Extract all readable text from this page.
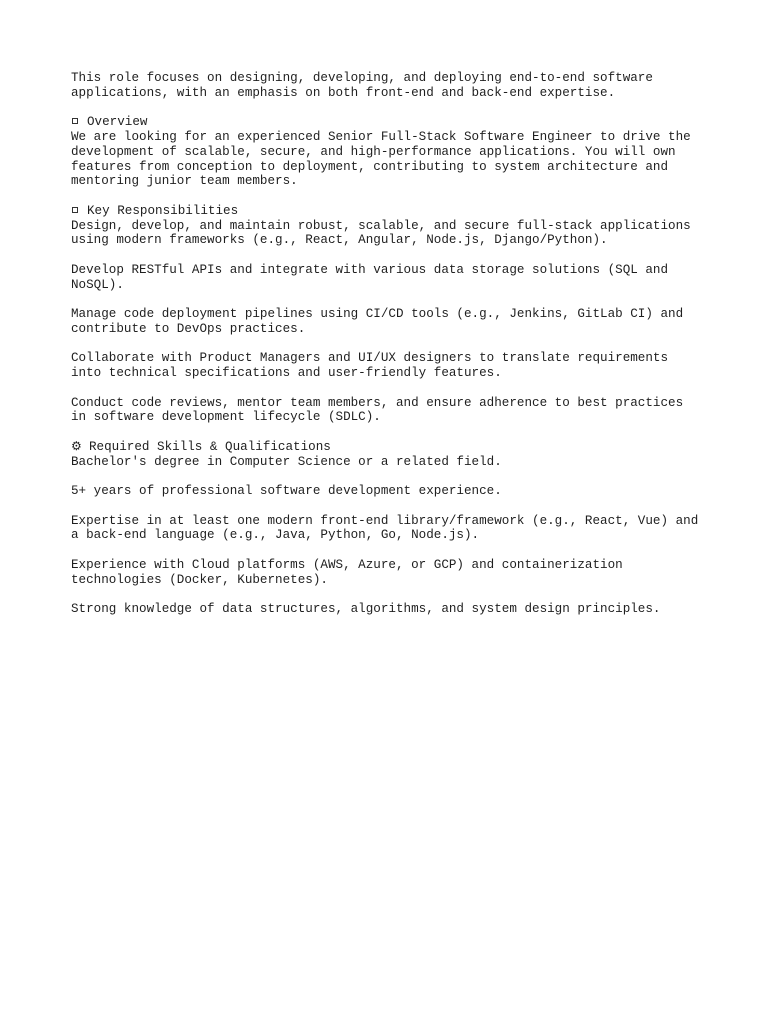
This role focuses on designing, developing, and deploying end-to-end software
applications, with an emphasis on both front-end and back-end expertise.

Overview
We are looking for an experienced Senior Full-Stack Software Engineer to drive the
development of scalable, secure, and high-performance applications. You will own
features from conception to deployment, contributing to system architecture and
mentoring junior team members.
Key Responsibilities

Design, develop, and maintain robust, scalable, and secure full-stack applications
using modern frameworks (e.g., React, Angular, Node.js, Django/Python).

Develop RESTful APIs and integrate with various data storage solutions (SQL and
NoSQL).

Manage code deployment pipelines using CI/CD tools (e.g., Jenkins, GitLab CI) and
contribute to DevOps practices.

Collaborate with Product Managers and UI/UX designers to translate requirements
into technical specifications and user-friendly features.

Conduct code reviews, mentor team members, and ensure adherence to best practices
in software development lifecycle (SDLC).

⚙ Required Skills & Qualifications

Bachelor's degree in Computer Science or a related field.

5+ years of professional software development experience.

Expertise in at least one modern front-end library/framework (e.g., React, Vue) and
a back-end language (e.g., Java, Python, Go, Node.js).

Experience with Cloud platforms (AWS, Azure, or GCP) and containerization
technologies (Docker, Kubernetes).

Strong knowledge of data structures, algorithms, and system design principles.
